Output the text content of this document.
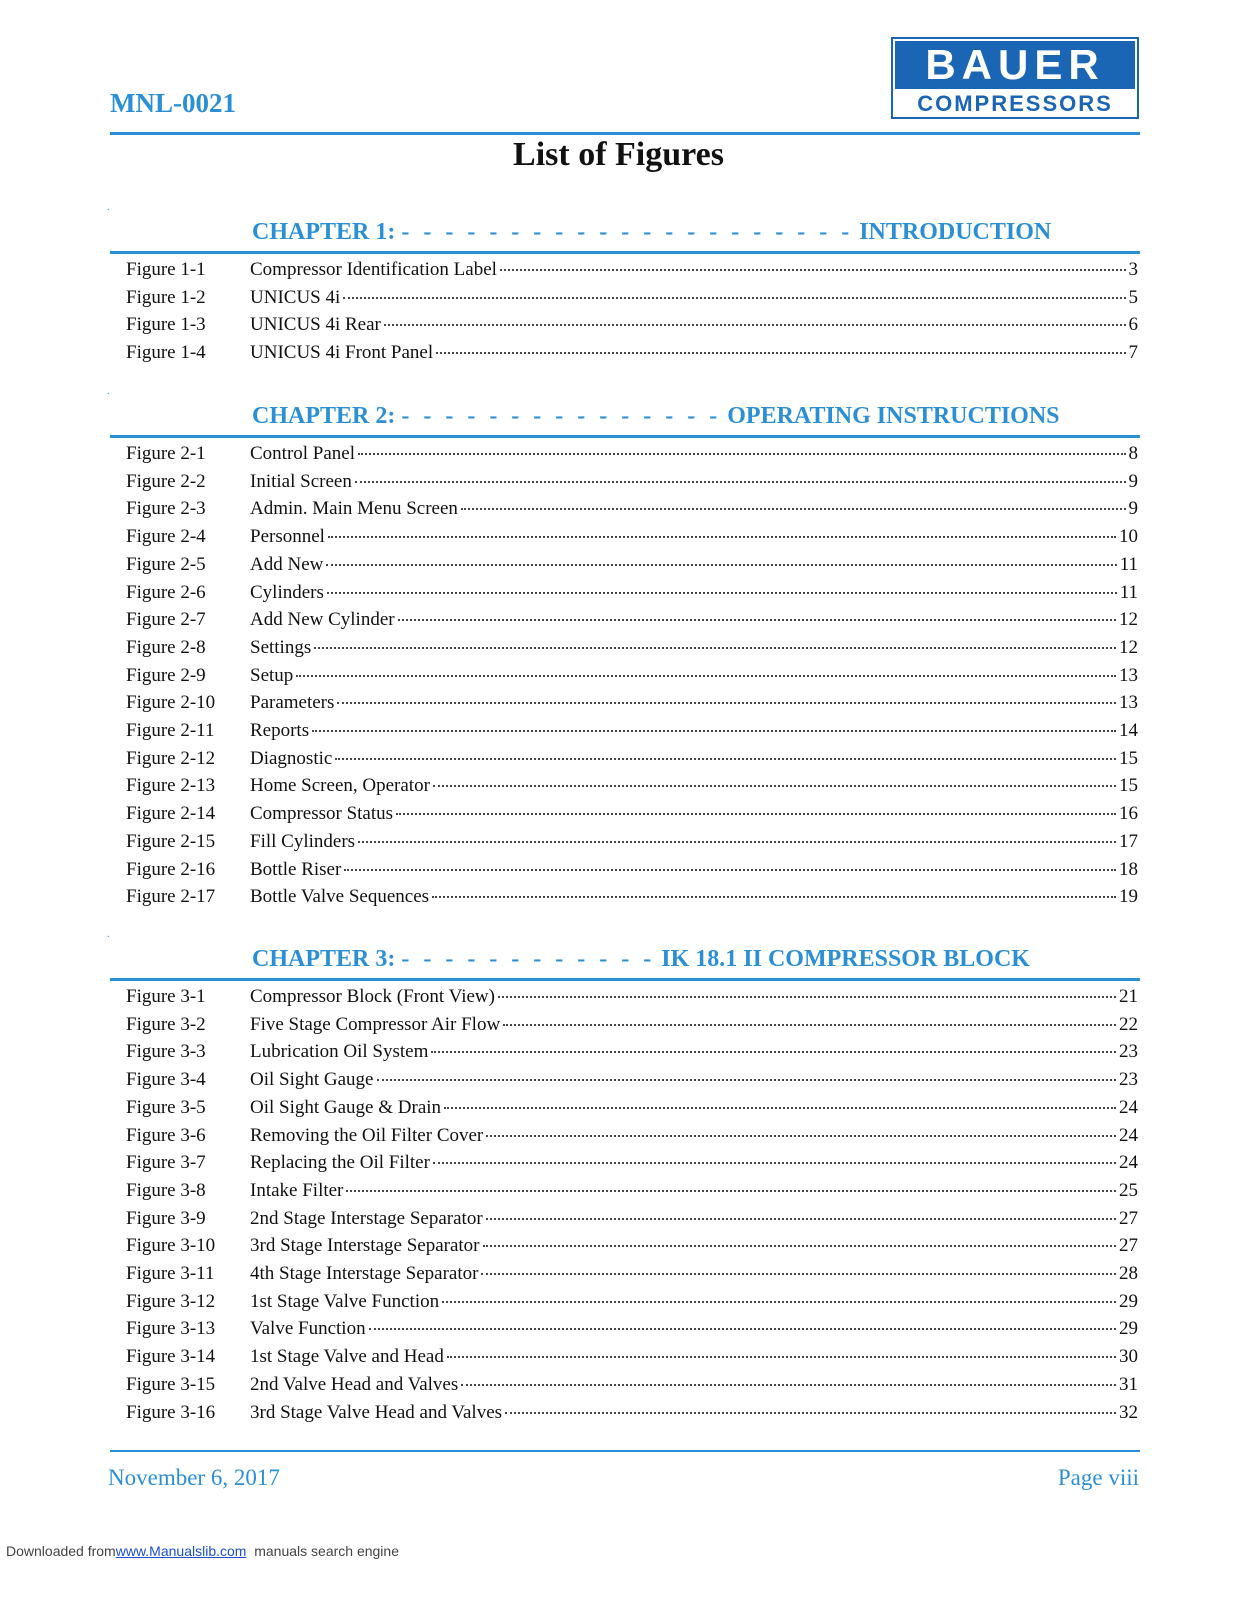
MNL-0021
BAUER
COMPRESSORS
List of Figures
.
CHAPTER 1: - - - - - - - - - - - - - - - - - - - - - INTRODUCTION
Figure 1-1	Compressor Identification Label	3
Figure 1-2	UNICUS 4i	5
Figure 1-3	UNICUS 4i Rear	6
Figure 1-4	UNICUS 4i Front Panel	7
.
CHAPTER 2: - - - - - - - - - - - - - - - OPERATING INSTRUCTIONS
Figure 2-1	Control Panel	8
Figure 2-2	Initial Screen	9
Figure 2-3	Admin. Main Menu Screen	9
Figure 2-4	Personnel	10
Figure 2-5	Add New	11
Figure 2-6	Cylinders	11
Figure 2-7	Add New Cylinder	12
Figure 2-8	Settings	12
Figure 2-9	Setup	13
Figure 2-10	Parameters	13
Figure 2-11	Reports	14
Figure 2-12	Diagnostic	15
Figure 2-13	Home Screen, Operator	15
Figure 2-14	Compressor Status	16
Figure 2-15	Fill Cylinders	17
Figure 2-16	Bottle Riser	18
Figure 2-17	Bottle Valve Sequences	19
.
CHAPTER 3: - - - - - - - - - - - - IK 18.1 II COMPRESSOR BLOCK
Figure 3-1	Compressor Block (Front View)	21
Figure 3-2	Five Stage Compressor Air Flow	22
Figure 3-3	Lubrication Oil System	23
Figure 3-4	Oil Sight Gauge	23
Figure 3-5	Oil Sight Gauge & Drain	24
Figure 3-6	Removing the Oil Filter Cover	24
Figure 3-7	Replacing the Oil Filter	24
Figure 3-8	Intake Filter	25
Figure 3-9	2nd Stage Interstage Separator	27
Figure 3-10	3rd Stage Interstage Separator	27
Figure 3-11	4th Stage Interstage Separator	28
Figure 3-12	1st Stage Valve Function	29
Figure 3-13	Valve Function	29
Figure 3-14	1st Stage Valve and Head	30
Figure 3-15	2nd Valve Head and Valves	31
Figure 3-16	3rd Stage Valve Head and Valves	32
November 6, 2017	Page viii
Downloaded fromwww.Manualslib.com manuals search engine
